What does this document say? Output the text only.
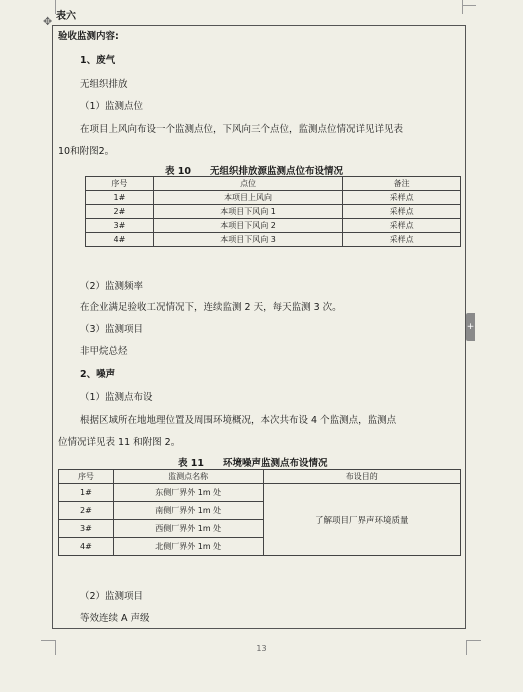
表六
✥
验收监测内容:
1、废气
无组织排放
（1）监测点位
在项目上风向布设一个监测点位，下风向三个点位，监测点位情况详见详见表
10和附图2。
表 10　　无组织排放源监测点位布设情况
序号	点位	备注
1#	本项目上风向	采样点
2#	本项目下风向 1	采样点
3#	本项目下风向 2	采样点
4#	本项目下风向 3	采样点
（2）监测频率
在企业满足验收工况情况下，连续监测 2 天，每天监测 3 次。
（3）监测项目
非甲烷总烃
2、噪声
（1）监测点布设
根据区域所在地地理位置及周围环境概况，本次共布设 4 个监测点，监测点
位情况详见表 11 和附图 2。
表 11　　环境噪声监测点布设情况
序号	监测点名称	布设目的
1#	东侧厂界外 1m 处	了解项目厂界声环境质量
2#	南侧厂界外 1m 处	
3#	西侧厂界外 1m 处	
4#	北侧厂界外 1m 处	
（2）监测项目
等效连续 A 声级
+
13
